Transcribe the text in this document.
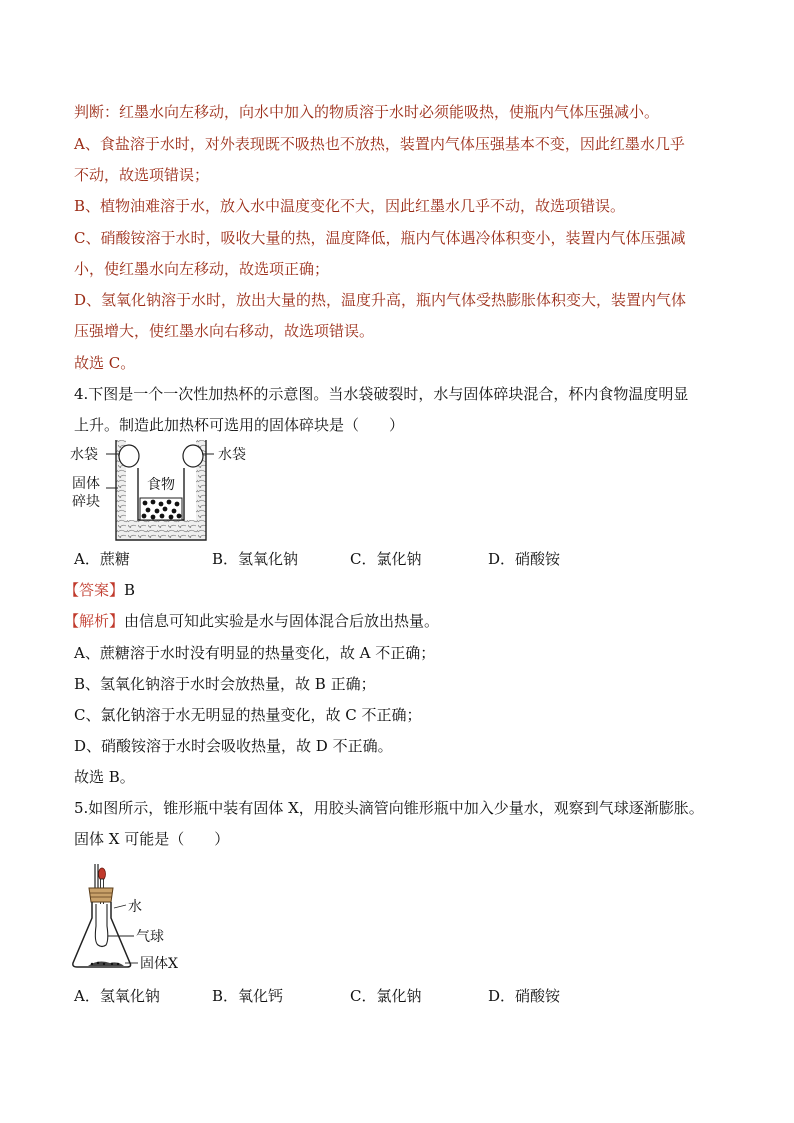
判断：红墨水向左移动，向水中加入的物质溶于水时必须能吸热，使瓶内气体压强减小。
A、食盐溶于水时，对外表现既不吸热也不放热，装置内气体压强基本不变，因此红墨水几乎
不动，故选项错误；
B、植物油难溶于水，放入水中温度变化不大，因此红墨水几乎不动，故选项错误。
C、硝酸铵溶于水时，吸收大量的热，温度降低，瓶内气体遇冷体积变小，装置内气体压强减
小，使红墨水向左移动，故选项正确；
D、氢氧化钠溶于水时，放出大量的热，温度升高，瓶内气体受热膨胀体积变大，装置内气体
压强增大，使红墨水向右移动，故选项错误。
故选 C。
4.下图是一个一次性加热杯的示意图。当水袋破裂时，水与固体碎块混合，杯内食物温度明显
上升。制造此加热杯可选用的固体碎块是（　　）
水袋	水袋
固体
碎块
食物
A．蔗糖	B．氢氧化钠	C．氯化钠	D．硝酸铵
【答案】B
【解析】由信息可知此实验是水与固体混合后放出热量。
A、蔗糖溶于水时没有明显的热量变化，故 A 不正确；
B、氢氧化钠溶于水时会放热量，故 B 正确；
C、氯化钠溶于水无明显的热量变化，故 C 不正确；
D、硝酸铵溶于水时会吸收热量，故 D 不正确。
故选 B。
5.如图所示，锥形瓶中装有固体 X，用胶头滴管向锥形瓶中加入少量水，观察到气球逐渐膨胀。
固体 X 可能是（　　）
水
气球
固体X
A．氢氧化钠	B．氧化钙	C．氯化钠	D．硝酸铵
